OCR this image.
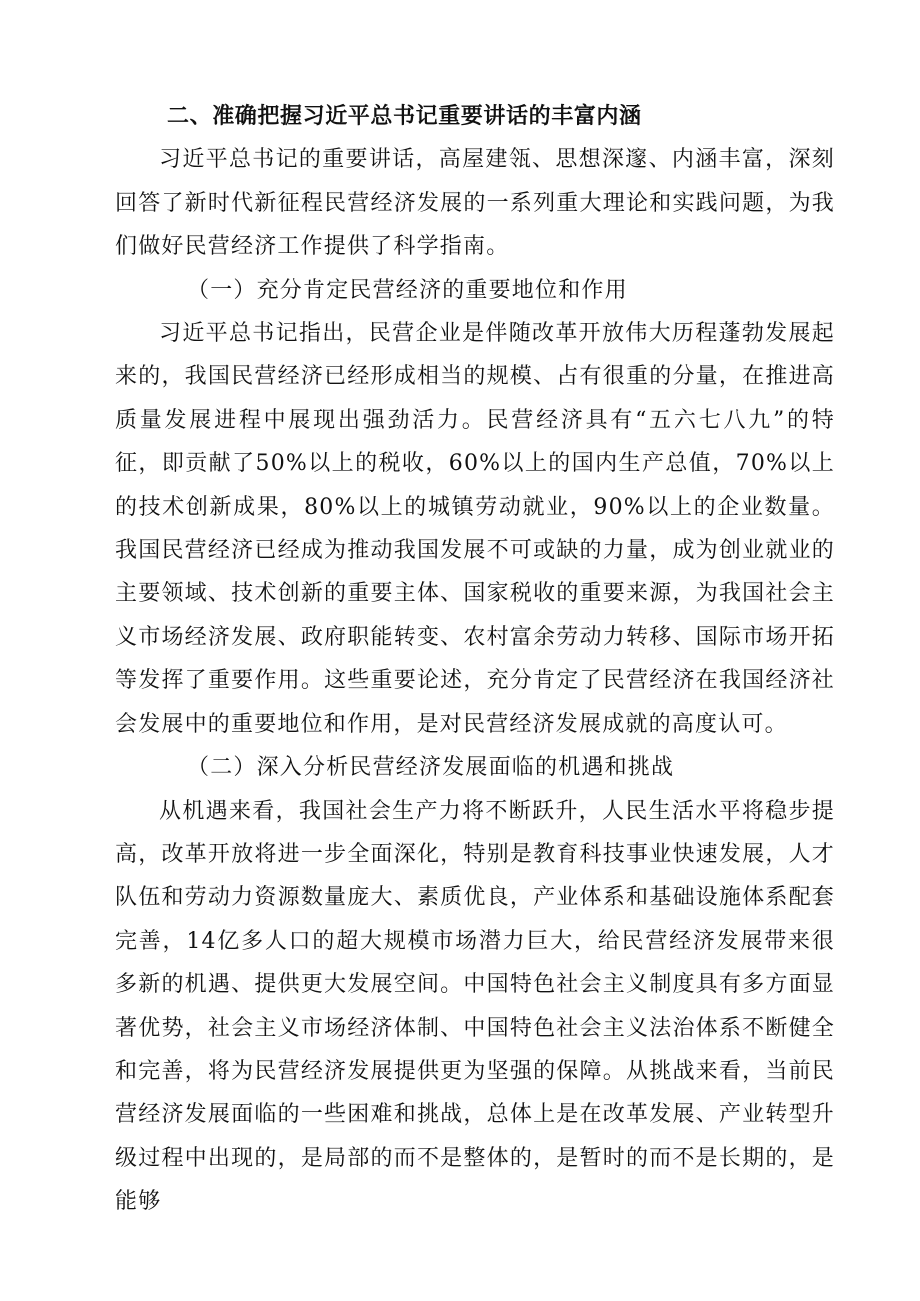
二、准确把握习近平总书记重要讲话的丰富内涵

习近平总书记的重要讲话，高屋建瓴、思想深邃、内涵丰富，深刻回答了新时代新征程民营经济发展的一系列重大理论和实践问题，为我们做好民营经济工作提供了科学指南。

（一）充分肯定民营经济的重要地位和作用

习近平总书记指出，民营企业是伴随改革开放伟大历程蓬勃发展起来的，我国民营经济已经形成相当的规模、占有很重的分量，在推进高质量发展进程中展现出强劲活力。民营经济具有“五六七八九”的特征，即贡献了50%以上的税收，60%以上的国内生产总值，70%以上的技术创新成果，80%以上的城镇劳动就业，90%以上的企业数量。我国民营经济已经成为推动我国发展不可或缺的力量，成为创业就业的主要领域、技术创新的重要主体、国家税收的重要来源，为我国社会主义市场经济发展、政府职能转变、农村富余劳动力转移、国际市场开拓等发挥了重要作用。这些重要论述，充分肯定了民营经济在我国经济社会发展中的重要地位和作用，是对民营经济发展成就的高度认可。

（二）深入分析民营经济发展面临的机遇和挑战

从机遇来看，我国社会生产力将不断跃升，人民生活水平将稳步提高，改革开放将进一步全面深化，特别是教育科技事业快速发展，人才队伍和劳动力资源数量庞大、素质优良，产业体系和基础设施体系配套完善，14亿多人口的超大规模市场潜力巨大，给民营经济发展带来很多新的机遇、提供更大发展空间。中国特色社会主义制度具有多方面显著优势，社会主义市场经济体制、中国特色社会主义法治体系不断健全和完善，将为民营经济发展提供更为坚强的保障。从挑战来看，当前民营经济发展面临的一些困难和挑战，总体上是在改革发展、产业转型升级过程中出现的，是局部的而不是整体的，是暂时的而不是长期的，是能够
